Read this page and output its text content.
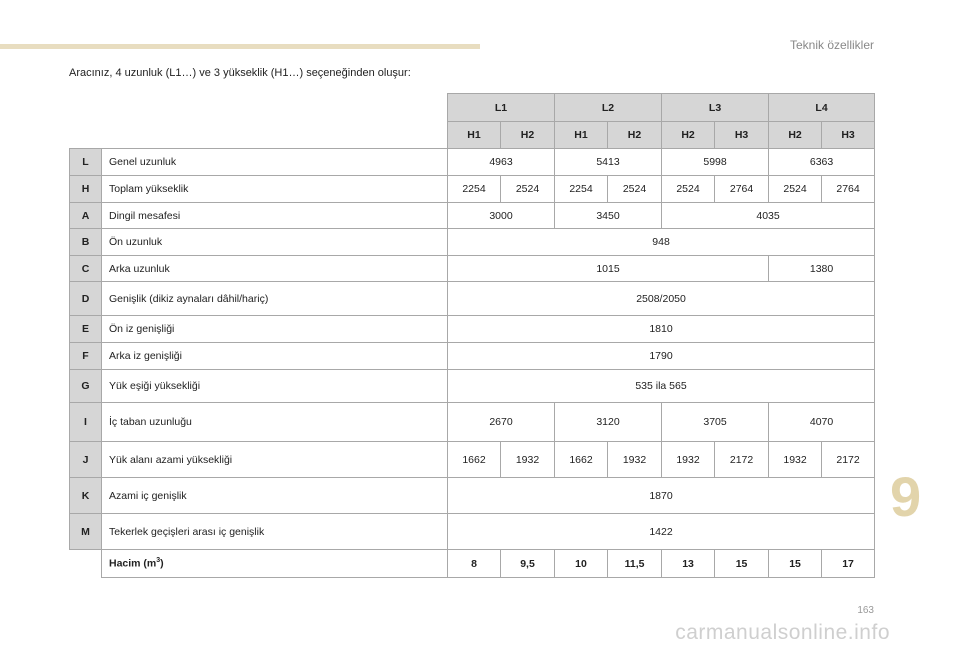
Teknik özellikler
Aracınız, 4 uzunluk (L1…) ve 3 yükseklik (H1…) seçeneğinden oluşur:
		L1		L2		L3		L4	
		H1	H2	H1	H2	H2	H3	H2	H3
L	Genel uzunluk	4963		5413		5998		6363	
H	Toplam yükseklik	2254	2524	2254	2524	2524	2764	2524	2764
A	Dingil mesafesi	3000		3450		4035			
B	Ön uzunluk	948							
C	Arka uzunluk	1015						1380	
D	Genişlik (dikiz aynaları dâhil/hariç)	2508/2050							
E	Ön iz genişliği	1810							
F	Arka iz genişliği	1790							
G	Yük eşiği yüksekliği	535 ila 565							
I	İç taban uzunluğu	2670		3120		3705		4070	
J	Yük alanı azami yüksekliği	1662	1932	1662	1932	1932	2172	1932	2172
K	Azami iç genişlik	1870							
M	Tekerlek geçişleri arası iç genişlik	1422							
	Hacim $(m^3)$	8	9,5	10	11,5	13	15	15	17
9
163
carmanualsonline.info
